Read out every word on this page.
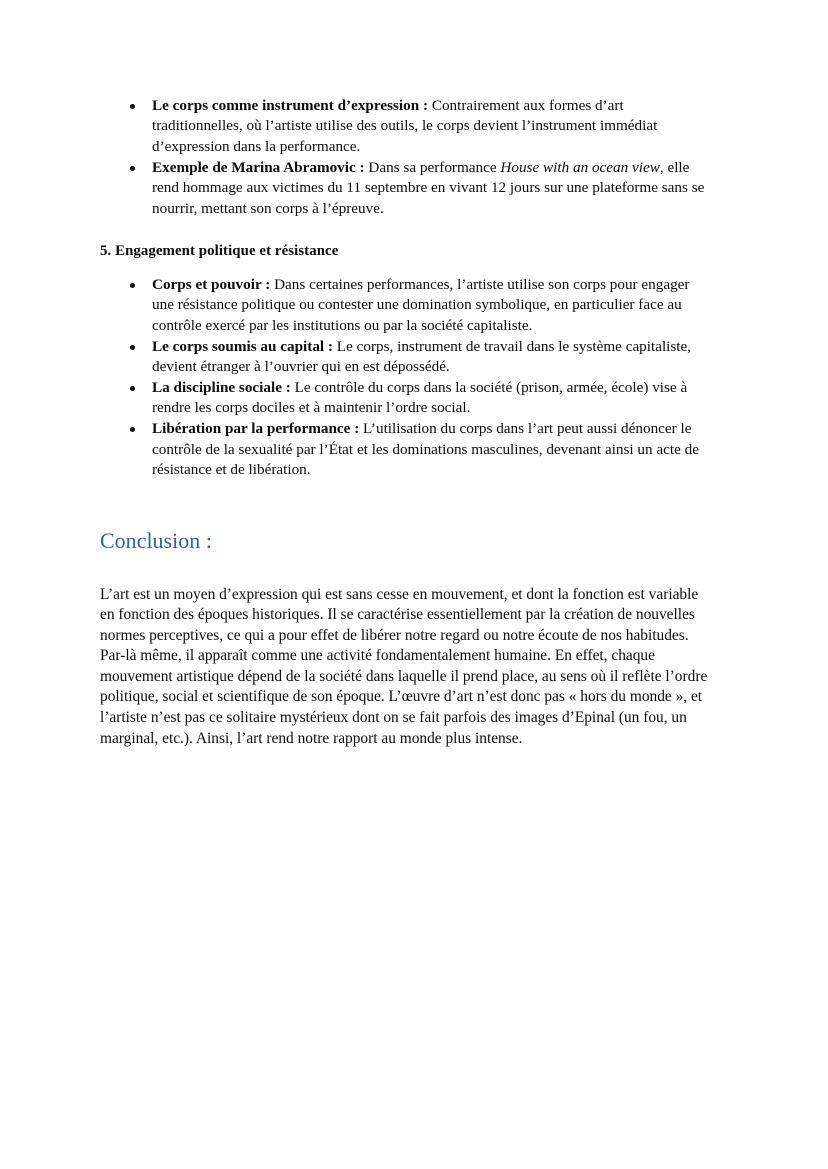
Le corps comme instrument d’expression : Contrairement aux formes d’art traditionnelles, où l’artiste utilise des outils, le corps devient l’instrument immédiat d’expression dans la performance.
Exemple de Marina Abramovic : Dans sa performance House with an ocean view, elle rend hommage aux victimes du 11 septembre en vivant 12 jours sur une plateforme sans se nourrir, mettant son corps à l’épreuve.
5. Engagement politique et résistance
Corps et pouvoir : Dans certaines performances, l’artiste utilise son corps pour engager une résistance politique ou contester une domination symbolique, en particulier face au contrôle exercé par les institutions ou par la société capitaliste.
Le corps soumis au capital : Le corps, instrument de travail dans le système capitaliste, devient étranger à l’ouvrier qui en est dépossédé.
La discipline sociale : Le contrôle du corps dans la société (prison, armée, école) vise à rendre les corps dociles et à maintenir l’ordre social.
Libération par la performance : L’utilisation du corps dans l’art peut aussi dénoncer le contrôle de la sexualité par l’État et les dominations masculines, devenant ainsi un acte de résistance et de libération.
Conclusion :

L’art est un moyen d’expression qui est sans cesse en mouvement, et dont la fonction est variable en fonction des époques historiques. Il se caractérise essentiellement par la création de nouvelles normes perceptives, ce qui a pour effet de libérer notre regard ou notre écoute de nos habitudes. Par-là même, il apparaît comme une activité fondamentalement humaine. En effet, chaque mouvement artistique dépend de la société dans laquelle il prend place, au sens où il reflète l’ordre politique, social et scientifique de son époque. L’œuvre d’art n’est donc pas « hors du monde », et l’artiste n’est pas ce solitaire mystérieux dont on se fait parfois des images d’Epinal (un fou, un marginal, etc.). Ainsi, l’art rend notre rapport au monde plus intense.
